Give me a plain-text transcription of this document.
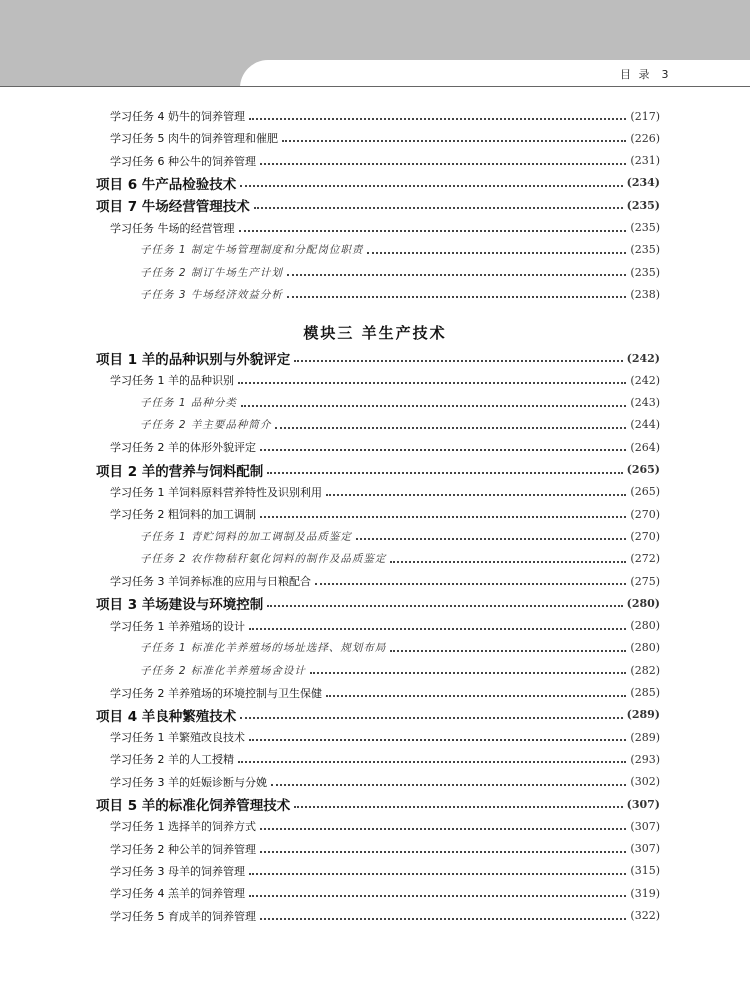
目 录 3
模块三 羊生产技术
学习任务 4 奶牛的饲养管理	(217)
学习任务 5 肉牛的饲养管理和催肥	(226)
学习任务 6 种公牛的饲养管理	(231)
项目 6 牛产品检验技术	(234)
项目 7 牛场经营管理技术	(235)
学习任务 牛场的经营管理	(235)
子任务 1 制定牛场管理制度和分配岗位职责	(235)
子任务 2 制订牛场生产计划	(235)
子任务 3 牛场经济效益分析	(238)
项目 1 羊的品种识别与外貌评定	(242)
学习任务 1 羊的品种识别	(242)
子任务 1 品种分类	(243)
子任务 2 羊主要品种简介	(244)
学习任务 2 羊的体形外貌评定	(264)
项目 2 羊的营养与饲料配制	(265)
学习任务 1 羊饲料原料营养特性及识别利用	(265)
学习任务 2 粗饲料的加工调制	(270)
子任务 1 青贮饲料的加工调制及品质鉴定	(270)
子任务 2 农作物秸秆氨化饲料的制作及品质鉴定	(272)
学习任务 3 羊饲养标准的应用与日粮配合	(275)
项目 3 羊场建设与环境控制	(280)
学习任务 1 羊养殖场的设计	(280)
子任务 1 标准化羊养殖场的场址选择、规划布局	(280)
子任务 2 标准化羊养殖场舍设计	(282)
学习任务 2 羊养殖场的环境控制与卫生保健	(285)
项目 4 羊良种繁殖技术	(289)
学习任务 1 羊繁殖改良技术	(289)
学习任务 2 羊的人工授精	(293)
学习任务 3 羊的妊娠诊断与分娩	(302)
项目 5 羊的标准化饲养管理技术	(307)
学习任务 1 选择羊的饲养方式	(307)
学习任务 2 种公羊的饲养管理	(307)
学习任务 3 母羊的饲养管理	(315)
学习任务 4 羔羊的饲养管理	(319)
学习任务 5 育成羊的饲养管理	(322)
